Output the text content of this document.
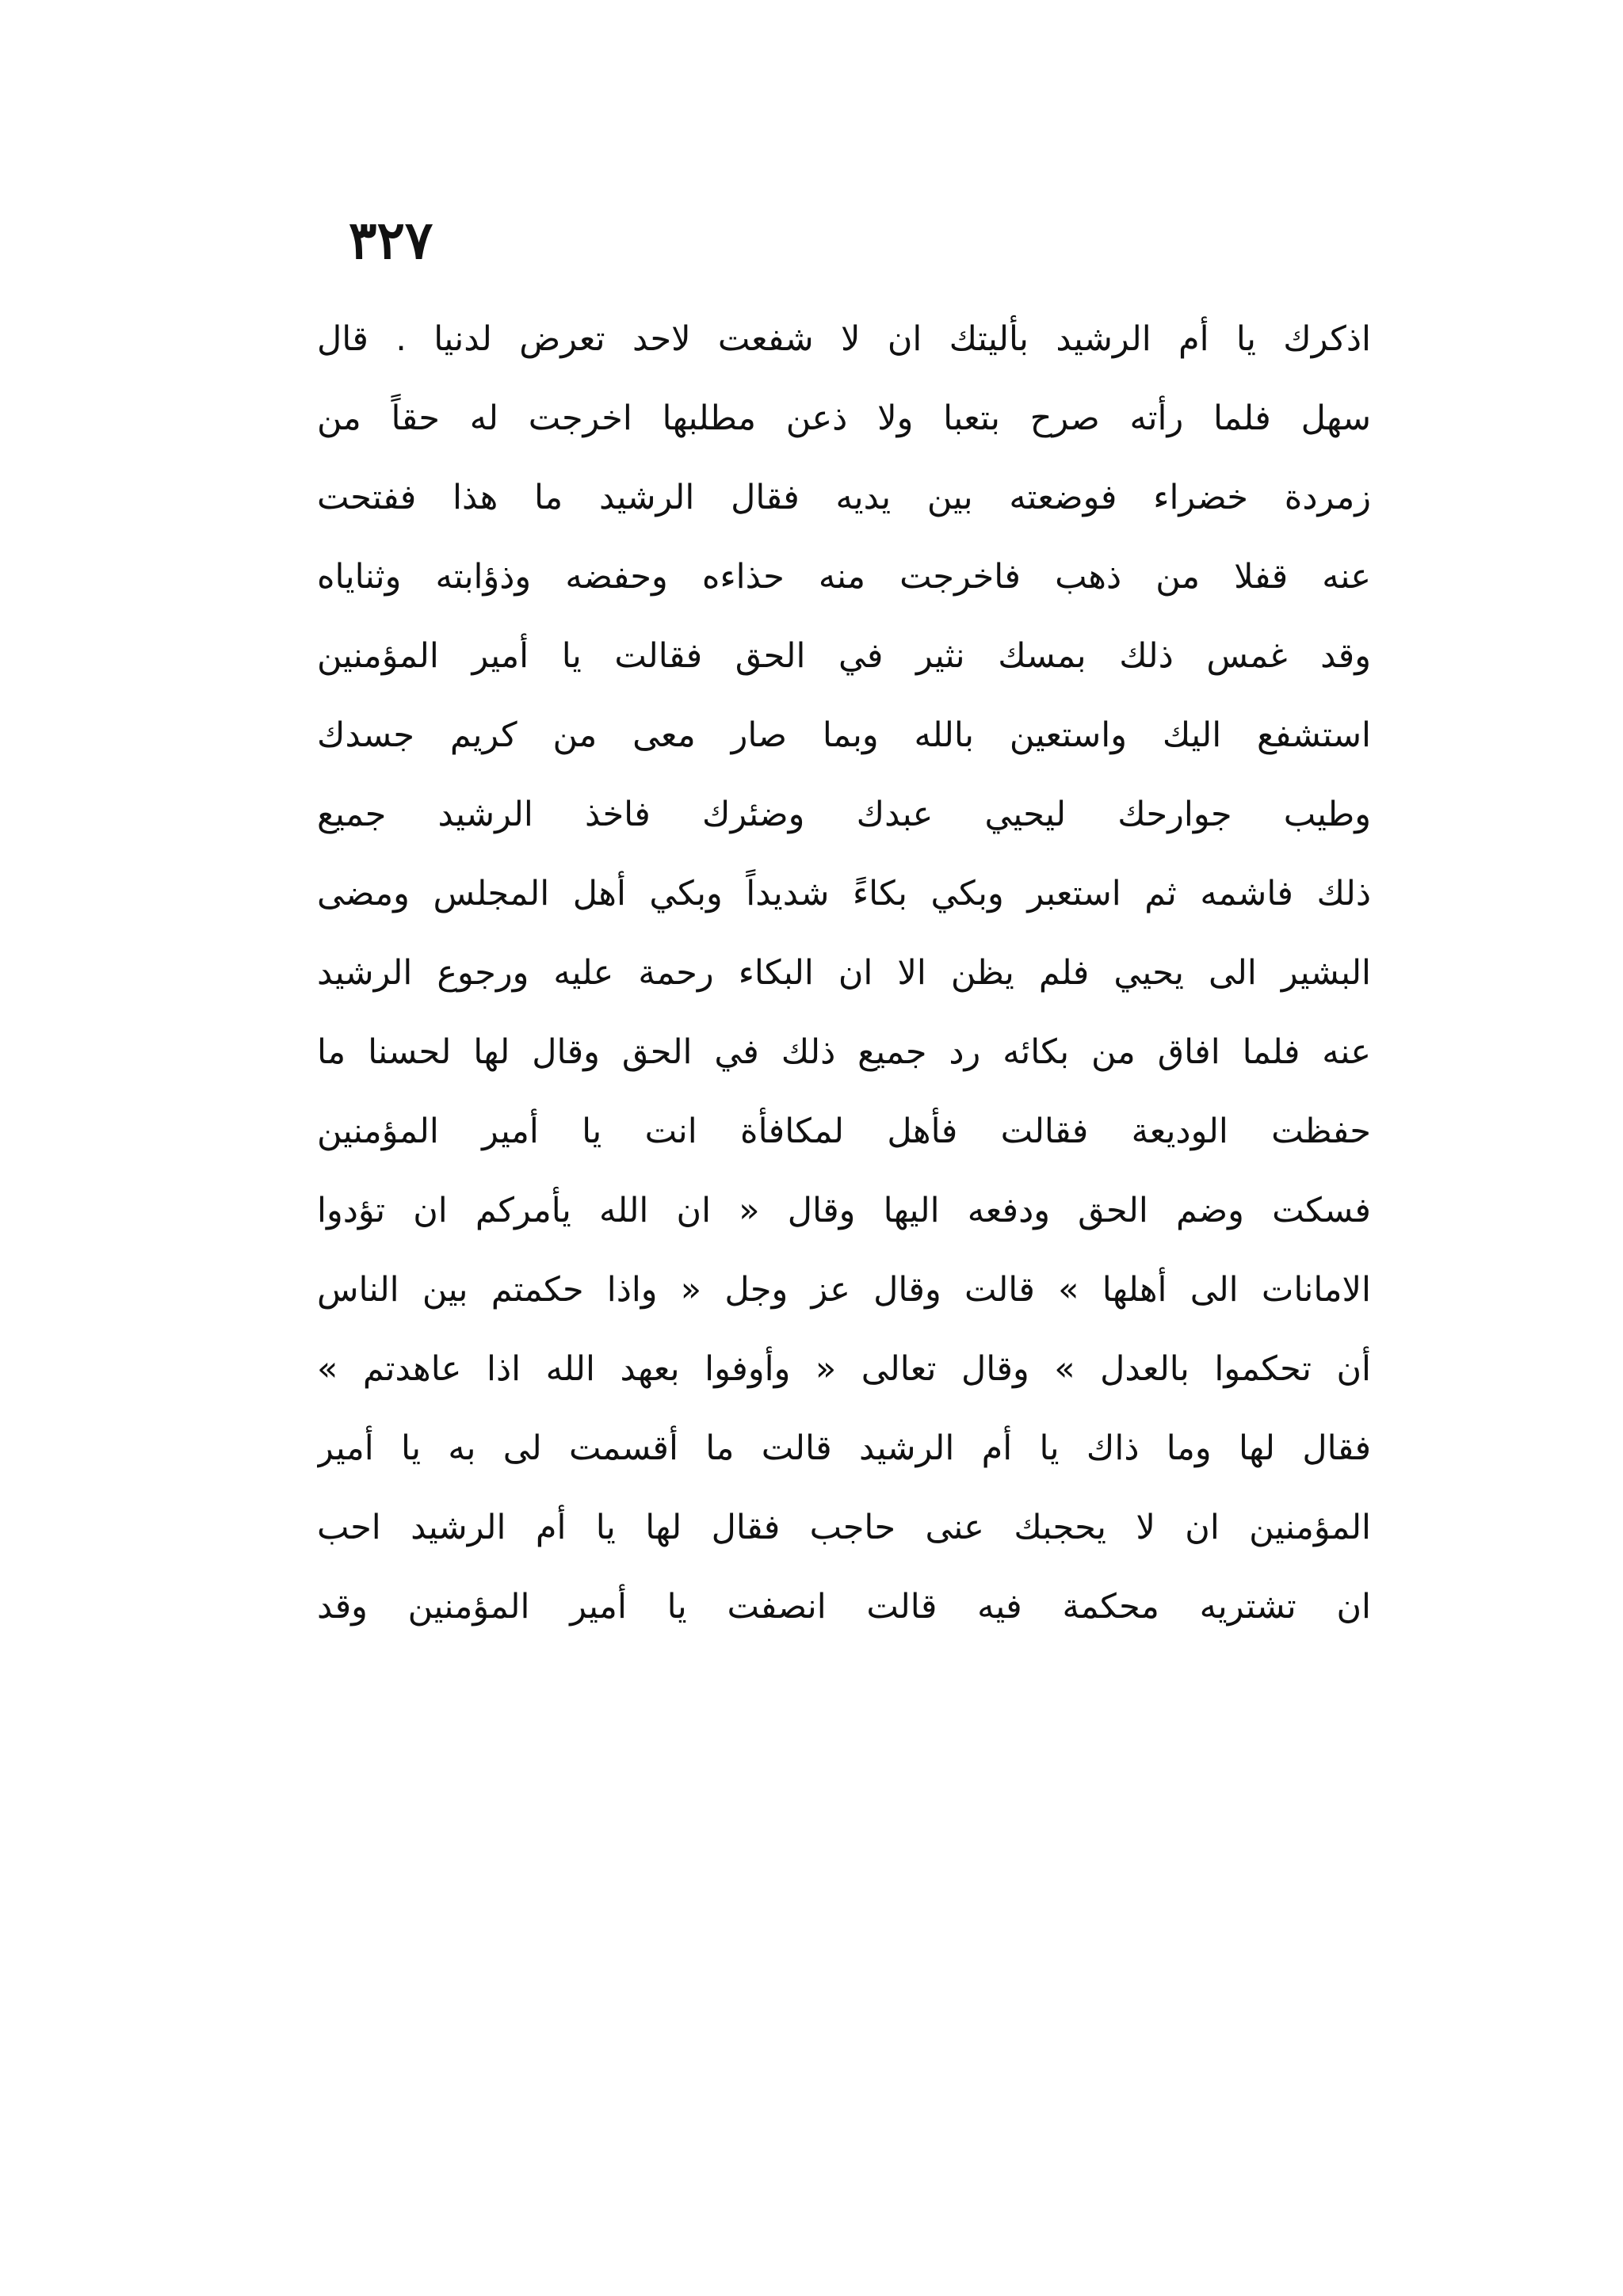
٣٢٧
اذكرك يا أم الرشيد بأليتك ان لا شفعت لاحد تعرض لدنيا . قال
سهل فلما رأته صرح بتعبا ولا ذعن مطلبها اخرجت له حقاً من
زمردة خضراء فوضعته بين يديه فقال الرشيد ما هذا ففتحت
عنه قفلا من ذهب فاخرجت منه حذاءه وحفضه وذؤابته وثناياه
وقد غمس ذلك بمسك نثير في الحق فقالت يا أمير المؤمنين
استشفع اليك واستعين بالله وبما صار معى من كريم جسدك
وطيب جوارحك ليحيي عبدك وضئرك فاخذ الرشيد جميع
ذلك فاشمه ثم استعبر وبكي بكاءً شديداً وبكي أهل المجلس ومضى
البشير الى يحيي فلم يظن الا ان البكاء رحمة عليه ورجوع الرشيد
عنه فلما افاق من بكائه رد جميع ذلك في الحق وقال لها لحسنا ما
حفظت الوديعة فقالت فأهل لمكافأة انت يا أمير المؤمنين
فسكت وضم الحق ودفعه اليها وقال « ان الله يأمركم ان تؤدوا
الامانات الى أهلها » قالت وقال عز وجل « واذا حكمتم بين الناس
أن تحكموا بالعدل » وقال تعالى « وأوفوا بعهد الله اذا عاهدتم »
فقال لها وما ذاك يا أم الرشيد قالت ما أقسمت لى به يا أمير
المؤمنين ان لا يحجبك عنى حاجب فقال لها يا أم الرشيد احب
ان تشتريه محكمة فيه قالت انصفت يا أمير المؤمنين وقد
